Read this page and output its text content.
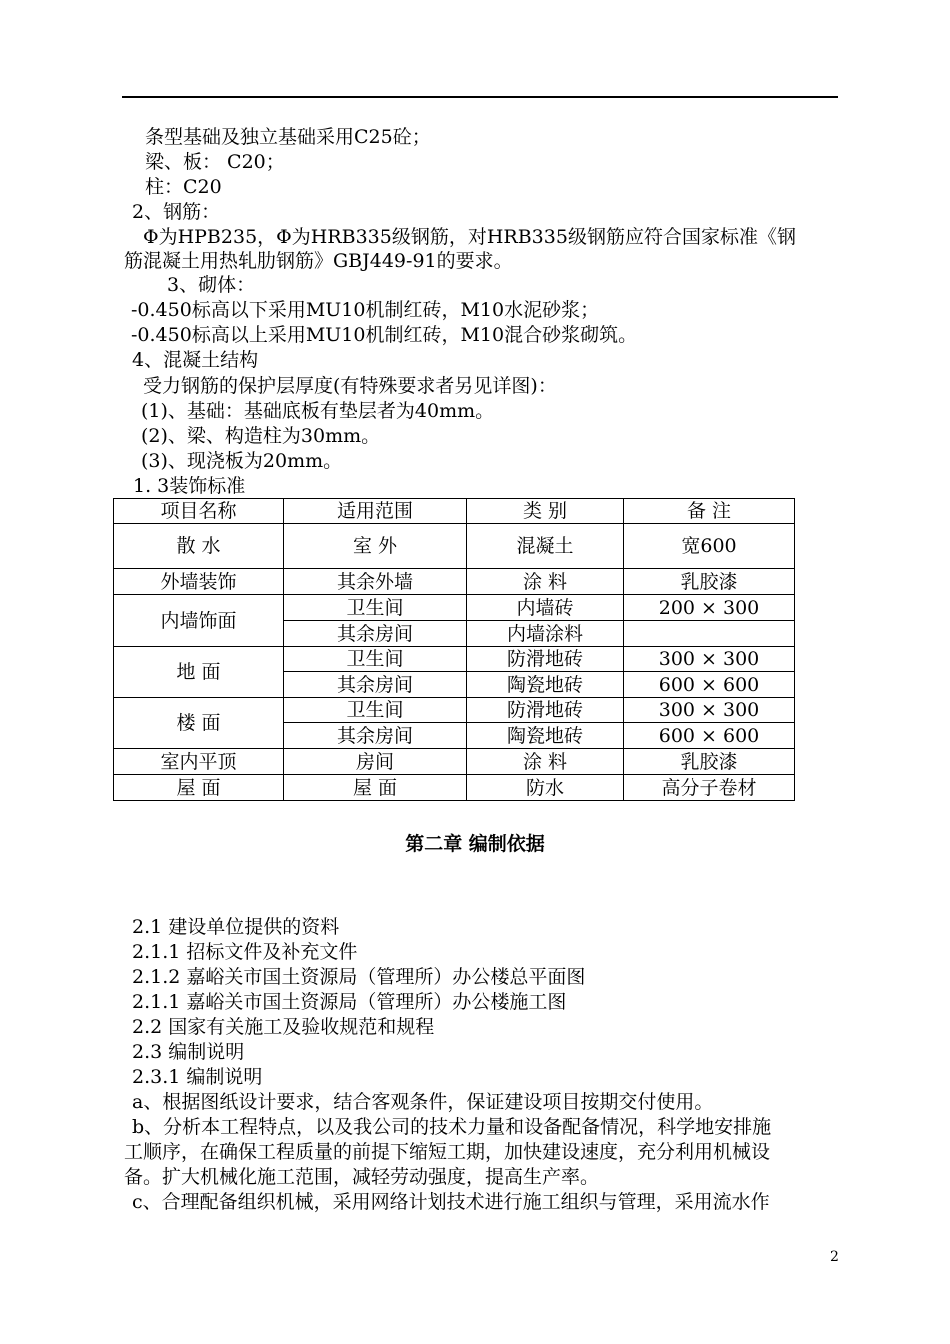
条型基础及独立基础采用C25砼；
梁、板： C20；
柱：C20
2、钢筋：
Φ为HPB235，Φ为HRB335级钢筋，对HRB335级钢筋应符合国家标准《钢
筋混凝土用热轧肋钢筋》GBJ449-91的要求。
3、砌体：
-0.450标高以下采用MU10机制红砖，M10水泥砂浆；
-0.450标高以上采用MU10机制红砖，M10混合砂浆砌筑。
4、混凝土结构
受力钢筋的保护层厚度(有特殊要求者另见详图)：
(1)、基础：基础底板有垫层者为40mm。
(2)、梁、构造柱为30mm。
(3)、现浇板为20mm。
1. 3装饰标准
项目名称	适用范围	类 别	备 注
散 水	室 外	混凝土	宽600
外墙装饰	其余外墙	涂 料	乳胶漆
内墙饰面	卫生间	内墙砖	200 × 300
	其余房间	内墙涂料	
地 面	卫生间	防滑地砖	300 × 300
	其余房间	陶瓷地砖	600 × 600
楼 面	卫生间	防滑地砖	300 × 300
	其余房间	陶瓷地砖	600 × 600
室内平顶	房间	涂 料	乳胶漆
屋 面	屋 面	防水	高分子卷材
第二章 编制依据
2.1 建设单位提供的资料
2.1.1 招标文件及补充文件
2.1.2 嘉峪关市国土资源局（管理所）办公楼总平面图
2.1.1 嘉峪关市国土资源局（管理所）办公楼施工图
2.2 国家有关施工及验收规范和规程
2.3 编制说明
2.3.1 编制说明
a、根据图纸设计要求，结合客观条件，保证建设项目按期交付使用。
b、分析本工程特点，以及我公司的技术力量和设备配备情况，科学地安排施
工顺序，在确保工程质量的前提下缩短工期，加快建设速度，充分利用机械设
备。扩大机械化施工范围，减轻劳动强度，提高生产率。
c、合理配备组织机械，采用网络计划技术进行施工组织与管理，采用流水作
2
